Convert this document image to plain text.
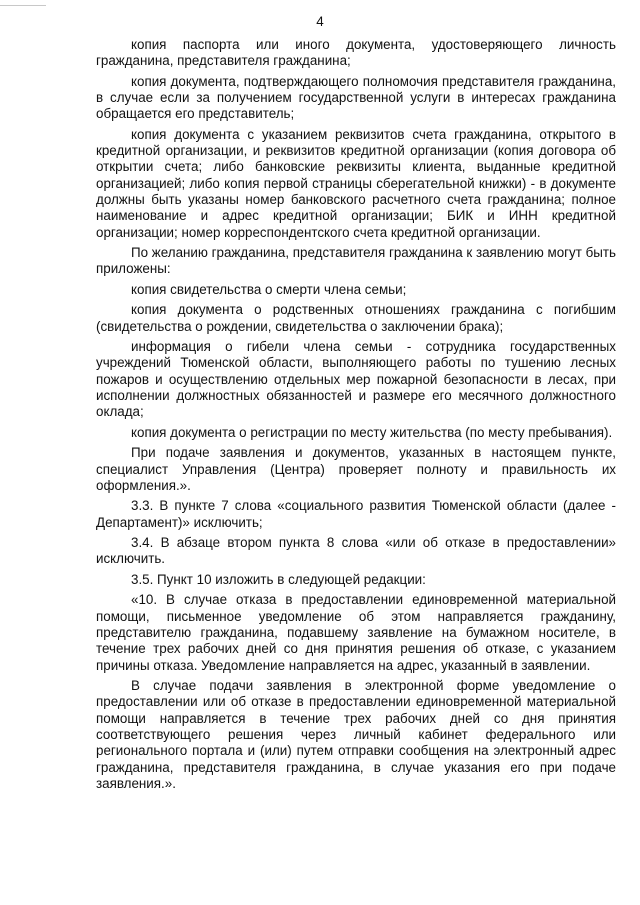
4

копия паспорта или иного документа, удостоверяющего личность гражданина, представителя гражданина;

копия документа, подтверждающего полномочия представителя гражданина, в случае если за получением государственной услуги в интересах гражданина обращается его представитель;

копия документа с указанием реквизитов счета гражданина, открытого в кредитной организации, и реквизитов кредитной организации (копия договора об открытии счета; либо банковские реквизиты клиента, выданные кредитной организацией; либо копия первой страницы сберегательной книжки) - в документе должны быть указаны номер банковского расчетного счета гражданина; полное наименование и адрес кредитной организации; БИК и ИНН кредитной организации; номер корреспондентского счета кредитной организации.

По желанию гражданина, представителя гражданина к заявлению могут быть приложены:

копия свидетельства о смерти члена семьи;

копия документа о родственных отношениях гражданина с погибшим (свидетельства о рождении, свидетельства о заключении брака);

информация о гибели члена семьи - сотрудника государственных учреждений Тюменской области, выполняющего работы по тушению лесных пожаров и осуществлению отдельных мер пожарной безопасности в лесах, при исполнении должностных обязанностей и размере его месячного должностного оклада;

копия документа о регистрации по месту жительства (по месту пребывания).

При подаче заявления и документов, указанных в настоящем пункте, специалист Управления (Центра) проверяет полноту и правильность их оформления.».

3.3. В пункте 7 слова «социального развития Тюменской области (далее - Департамент)» исключить;

3.4. В абзаце втором пункта 8 слова «или об отказе в предоставлении» исключить.

3.5. Пункт 10 изложить в следующей редакции:

«10. В случае отказа в предоставлении единовременной материальной помощи, письменное уведомление об этом направляется гражданину, представителю гражданина, подавшему заявление на бумажном носителе, в течение трех рабочих дней со дня принятия решения об отказе, с указанием причины отказа. Уведомление направляется на адрес, указанный в заявлении.

В случае подачи заявления в электронной форме уведомление о предоставлении или об отказе в предоставлении единовременной материальной помощи направляется в течение трех рабочих дней со дня принятия соответствующего решения через личный кабинет федерального или регионального портала и (или) путем отправки сообщения на электронный адрес гражданина, представителя гражданина, в случае указания его при подаче заявления.».
